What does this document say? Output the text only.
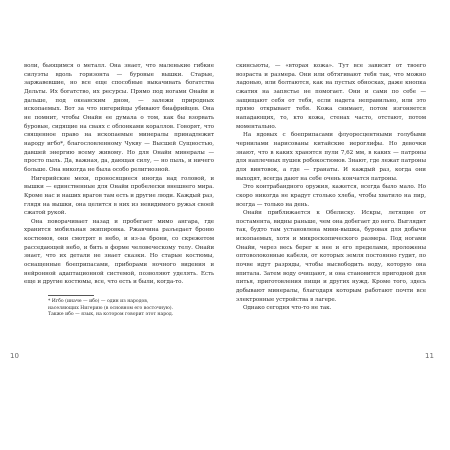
воли, бьющимся о металл. Она знает, что маленькие гибкие силуэты вдоль горизонта — буровые вышки. Старые, заржавевшие, но все еще способные выкачивать богатства Дельты. Их богатство, их ресурсы. Прямо под ногами Онайи и дальше, под океанским дном, — залежи природных ископаемых. Вот за что нигерийцы убивают биафрийцев. Она не помнит, чтобы Онайи ее думала о том, как бы взорвать буровые, сидящие на сваях с облонками кораллов. Говорят, что священное право на ископаемые минералы принадлежит народу игбо*, благословленному Чукву — Высшей Сущностью, давшей энергию всему живому. Но для Онайи минералы — просто пыль. Да, важная, да, дающая силу, — но пыль, и ничего больше. Она никогда не была особо религиозной.

Нигерийские мехи, проносящиеся иногда над головой, и вышки — единственные для Онайи пробелески внешнего мира. Кроме нас и наших врагов там есть и другие люди. Каждый раз, глядя на вышки, она целится в них из невидимого ружья своей сжатой рукой.

Она поворачивает назад и пробегает мимо ангара, где хранится мобильная экипировка. Ржавчина разъедает броню костюмов, они смотрят в небо, и из-за брони, со скрежетом расседающей небо, и бить в форме человеческому телу. Онайи знает, что их детали не знает сказки. Но старые костюмы, оснащенные боеприпасами, приборами ночного видения и нейронной адаптационной системой, позволяют уделять. Есть еще и другие костюмы, все, что есть и были, когда-то.

* Игбо (иначе — ибо) — один из народов, населяющих Нигерию (в основном его восточную). Также ибо — язык, на котором говорит этот народ.

скинсьюты, — «вторая кожа». Тут все зависит от твоего возраста и размера. Они или обтягивают тебя так, что можно ладонью, или болтаются, как на пустых обносках, даже кнопка сжатия на запястье не помогает. Они и сами по себе — защищают себя от тебя, если надета неправильно, или это прямо открывает тебя. Кожа снимает, потом изгоняется нападающих, то, кто кожа, стенах часто, отстают, потом моментально.

На ядовых с боеприпасами флуоресцентными голубыми чернилами нарисованы китайские иероглифы. Но девочки знают, что в каких хранятся пули 7,62 мм, в каких — патроны для наплечных пушек робокостюмов. Знают, где лежат патроны для винтовок, а где — гранаты. И каждый раз, когда они выходят, всегда дают на себе очень кончатся патроны.

Это контрабандного оружия, кажется, всегда было мало. Но скоро никогда не крадут столько хлеба, чтобы хватило на пир, всегда — только на день.

Онайи приближается к Обелиску. Искры, летящие от постамента, видны раньше, чем она добегает до него. Выглядит так, будто там установлена мини-вышка, буровая для добычи ископаемых, хотя и микроскопического размера. Под ногами Онайи, через весь берег к нее и его пределами, проложены оптоволоконные кабели, от которых земля постоянно гудит, по почве идут разряды, чтобы высвободить воду, которую она впитала. Затем воду очищают, и она становится пригодной для питья, приготовления пищи и других нужд. Кроме того, здесь добывают минералы, благодаря которым работают почти все электронные устройства в лагере.

Однако сегодня что-то не так.

10	11
